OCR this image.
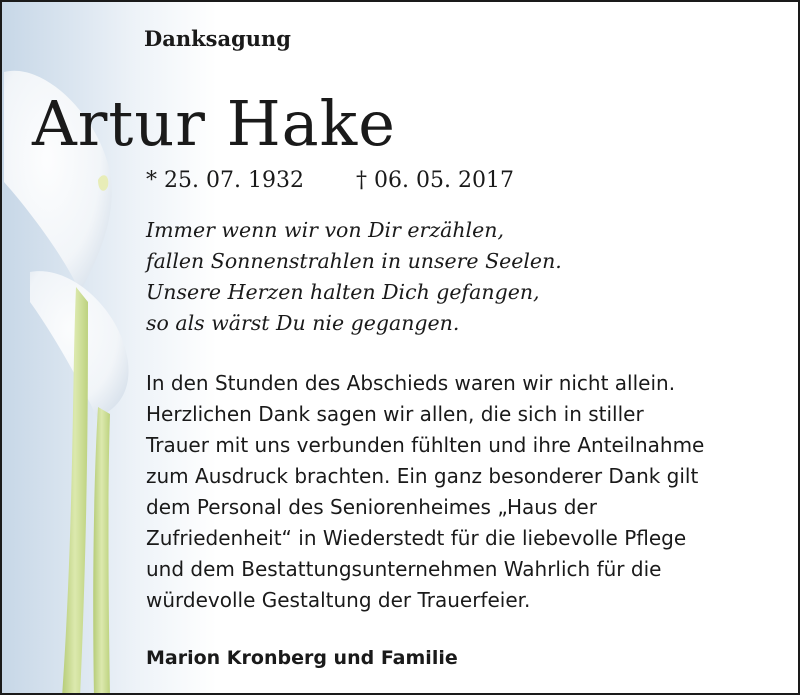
Danksagung
Artur Hake
* 25. 07. 1932 † 06. 05. 2017
Immer wenn wir von Dir erzählen,
fallen Sonnenstrahlen in unsere Seelen.
Unsere Herzen halten Dich gefangen,
so als wärst Du nie gegangen.
In den Stunden des Abschieds waren wir nicht allein.
Herzlichen Dank sagen wir allen, die sich in stiller
Trauer mit uns verbunden fühlten und ihre Anteilnahme
zum Ausdruck brachten. Ein ganz besonderer Dank gilt
dem Personal des Seniorenheimes „Haus der
Zufriedenheit“ in Wiederstedt für die liebevolle Pflege
und dem Bestattungsunternehmen Wahrlich für die
würdevolle Gestaltung der Trauerfeier.

Marion Kronberg und Familie
